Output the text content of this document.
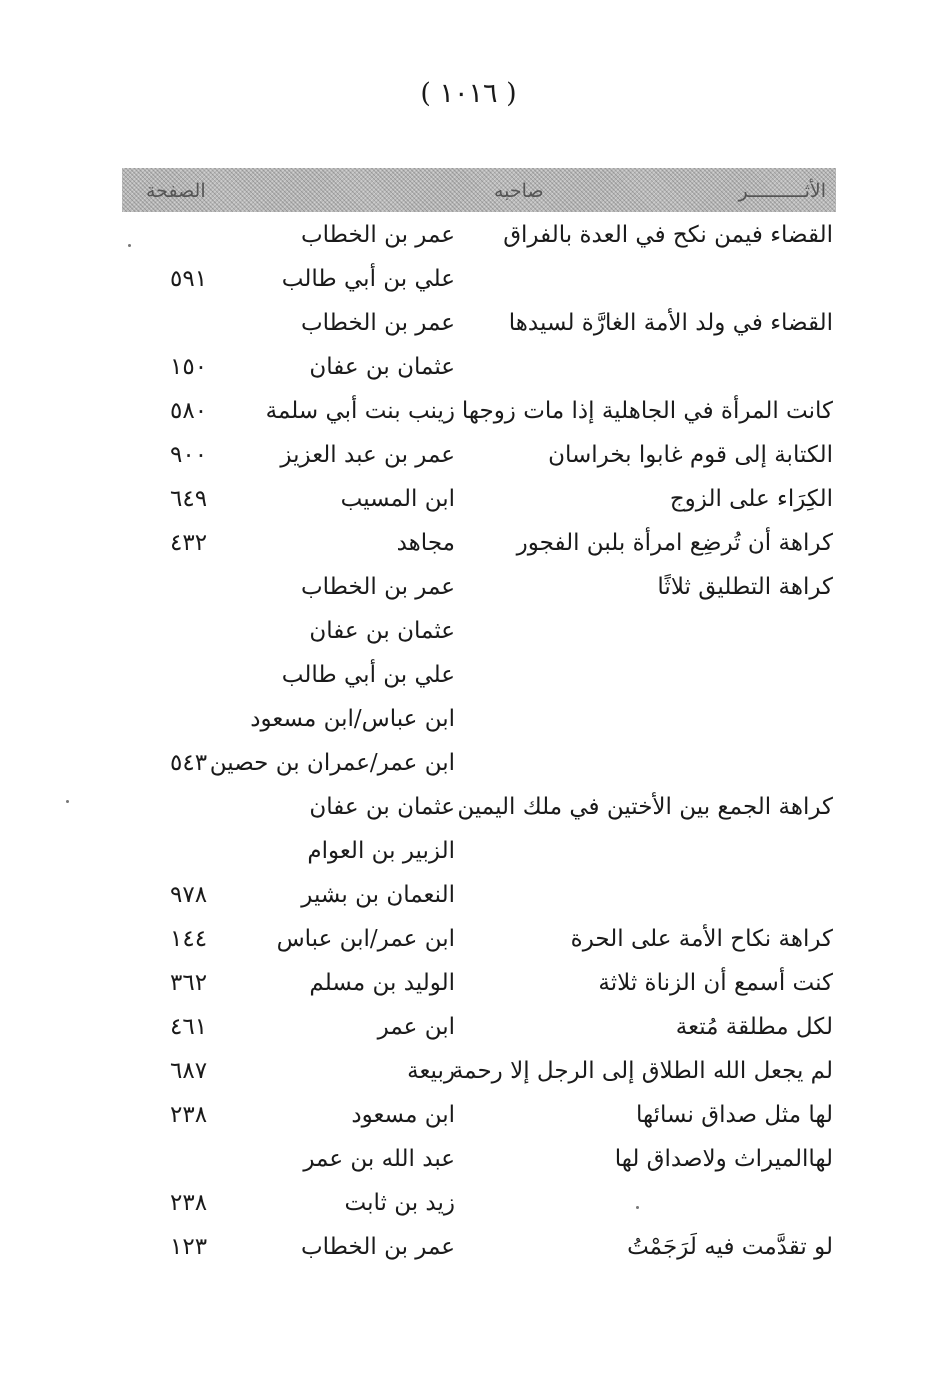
( ١٠١٦ )
الأثــــــــــر
صاحبه
الصفحة
القضاء فيمن نكح في العدة بالفراق
عمر بن الخطاب
علي بن أبي طالب
٥٩١
القضاء في ولد الأمة الغارَّة لسيدها
عمر بن الخطاب
عثمان بن عفان
١٥٠
كانت المرأة في الجاهلية إذا مات زوجها
زينب بنت أبي سلمة
٥٨٠
الكتابة إلى قوم غابوا بخراسان
عمر بن عبد العزيز
٩٠٠
الكِرَاء على الزوج
ابن المسيب
٦٤٩
كراهة أن تُرضِع امرأة بلبن الفجور
مجاهد
٤٣٢
كراهة التطليق ثلاثًا
عمر بن الخطاب
عثمان بن عفان
علي بن أبي طالب
ابن عباس/ابن مسعود
ابن عمر/عمران بن حصين
٥٤٣
كراهة الجمع بين الأختين في ملك اليمين
عثمان بن عفان
الزبير بن العوام
النعمان بن بشير
٩٧٨
كراهة نكاح الأمة على الحرة
ابن عمر/ابن عباس
١٤٤
كنت أسمع أن الزناة ثلاثة
الوليد بن مسلم
٣٦٢
لكل مطلقة مُتعة
ابن عمر
٤٦١
لم يجعل الله الطلاق إلى الرجل إلا رحمة
ربيعة
٦٨٧
لها مثل صداق نسائها
ابن مسعود
٢٣٨
لهاالميراث ولاصداق لها
عبد الله بن عمر
زيد بن ثابت
٢٣٨
لو تقدَّمت فيه لَرَجَمْتُ
عمر بن الخطاب
١٢٣
